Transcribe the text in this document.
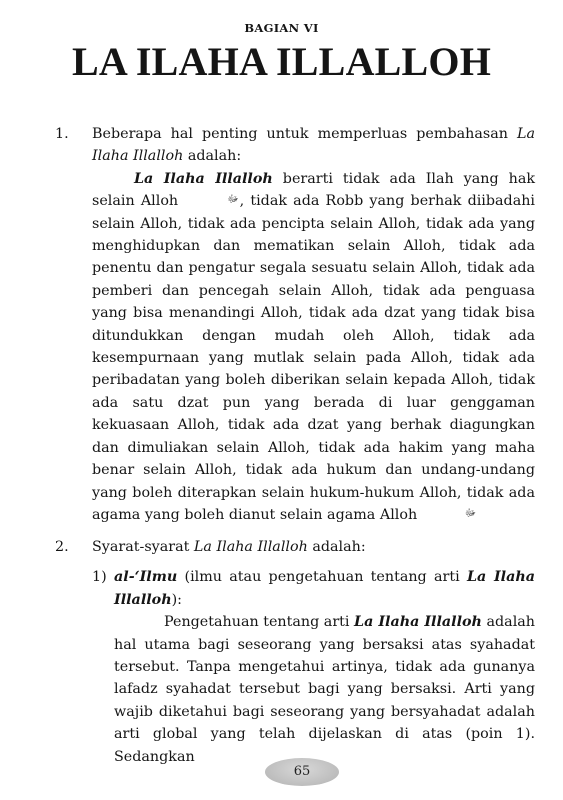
BAGIAN VI
LA ILAHA ILLALLOH
1.	Beberapa hal penting untuk memperluas pembahasan La Ilaha Illalloh adalah:
La Ilaha Illalloh berarti tidak ada Ilah yang hak selain Alloh	ﷻ, tidak ada Robb yang berhak diibadahi selain Alloh, tidak ada pencipta selain Alloh, tidak ada yang menghidupkan dan mematikan selain Alloh, tidak ada penentu dan pengatur segala sesuatu selain Alloh, tidak ada pemberi dan pencegah selain Alloh, tidak ada penguasa yang bisa menandingi Alloh, tidak ada dzat yang tidak bisa ditundukkan dengan mudah oleh Alloh, tidak ada kesempurnaan yang mutlak selain pada Alloh, tidak ada peribadatan yang boleh diberikan selain kepada Alloh, tidak ada satu dzat pun yang berada di luar genggaman kekuasaan Alloh, tidak ada dzat yang berhak diagungkan dan dimuliakan selain Alloh, tidak ada hakim yang maha benar selain Alloh, tidak ada hukum dan undang-undang yang boleh diterapkan selain hukum-hukum Alloh, tidak ada agama yang boleh dianut selain agama Alloh	ﷻ
2.	Syarat-syarat La Ilaha Illalloh adalah:
1) al-‘Ilmu (ilmu atau pengetahuan tentang arti La Ilaha Illalloh):
Pengetahuan tentang arti La Ilaha Illalloh adalah hal utama bagi seseorang yang bersaksi atas syahadat tersebut. Tanpa mengetahui artinya, tidak ada gunanya lafadz syahadat tersebut bagi yang bersaksi. Arti yang wajib diketahui bagi seseorang yang bersyahadat adalah arti global yang telah dijelaskan di atas (poin 1). Sedangkan
65
